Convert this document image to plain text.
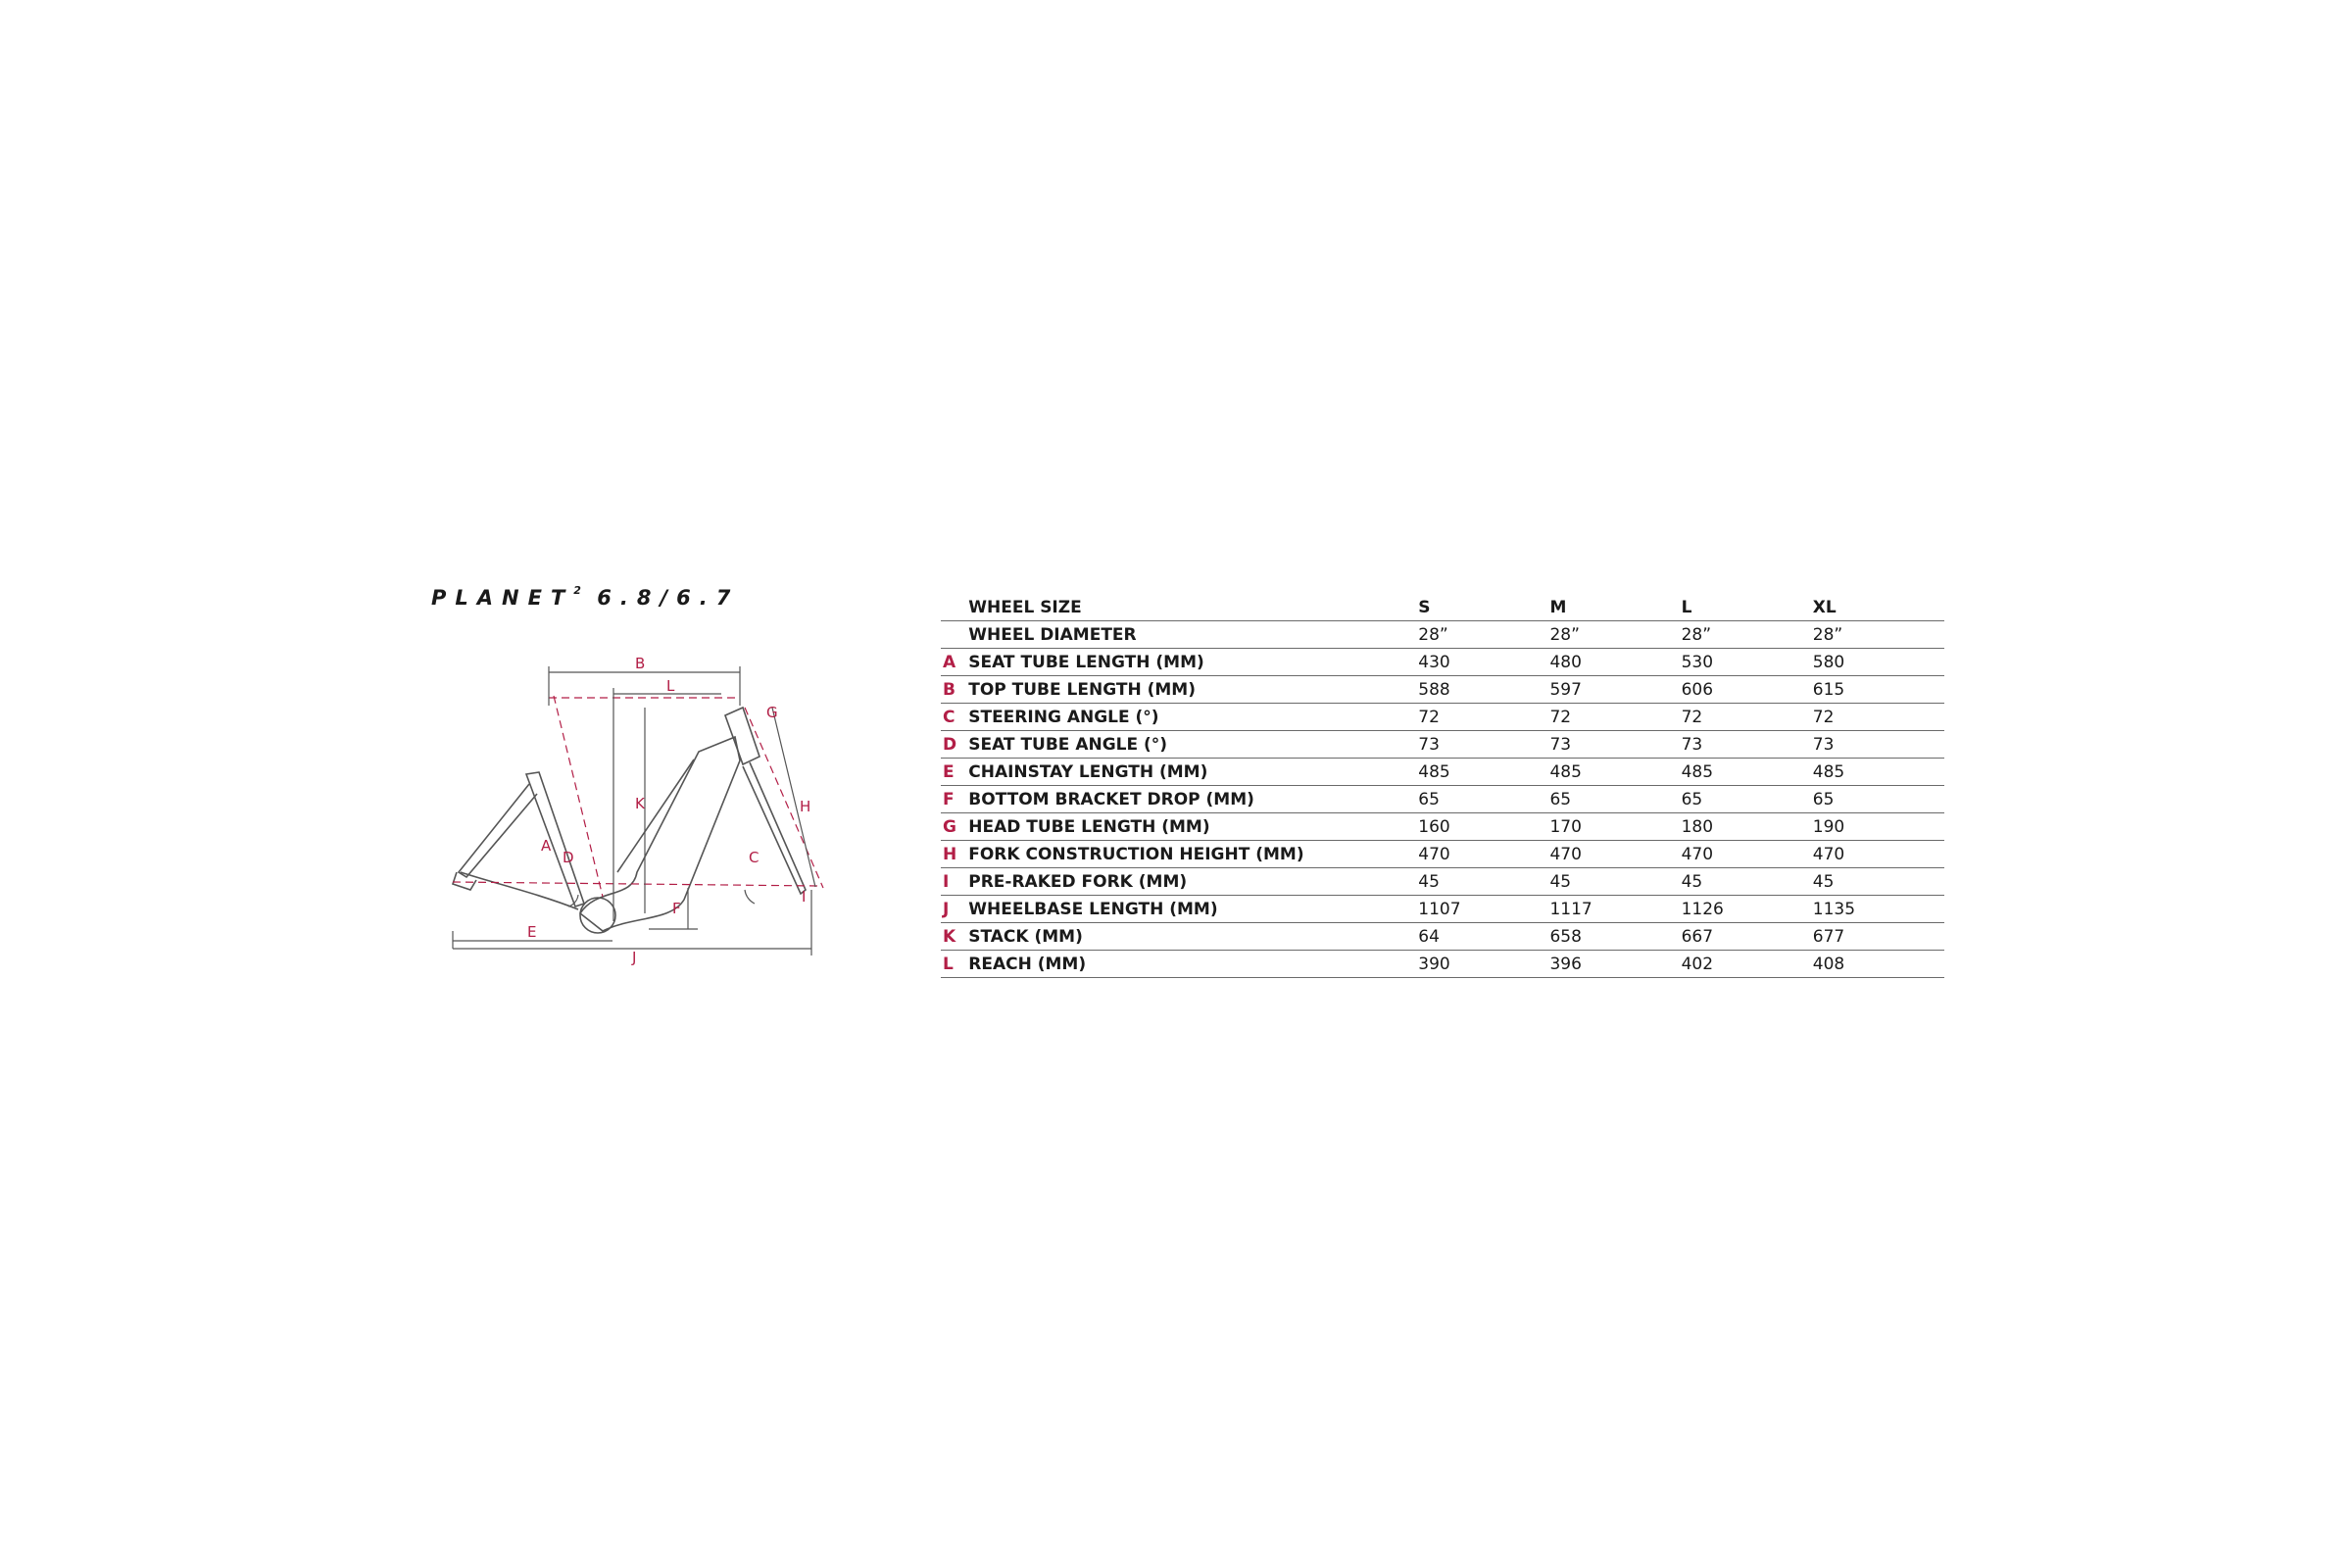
PLANET$^2$ 6.8/6.7
B
L
G
K	H
A
D	C
F
I
E
J
	WHEEL SIZE	S	M	L	XL
	WHEEL DIAMETER	28ˮ	28ˮ	28ˮ	28ˮ
A	SEAT TUBE LENGTH (MM)	430	480	530	580
B	TOP TUBE LENGTH (MM)	588	597	606	615
C	STEERING ANGLE (°)	72	72	72	72
D	SEAT TUBE ANGLE (°)	73	73	73	73
E	CHAINSTAY LENGTH (MM)	485	485	485	485
F	BOTTOM BRACKET DROP (MM)	65	65	65	65
G	HEAD TUBE LENGTH (MM)	160	170	180	190
H	FORK CONSTRUCTION HEIGHT (MM)	470	470	470	470
I	PRE-RAKED FORK (MM)	45	45	45	45
J	WHEELBASE LENGTH (MM)	1107	1117	1126	1135
K	STACK (MM)	64	658	667	677
L	REACH (MM)	390	396	402	408
